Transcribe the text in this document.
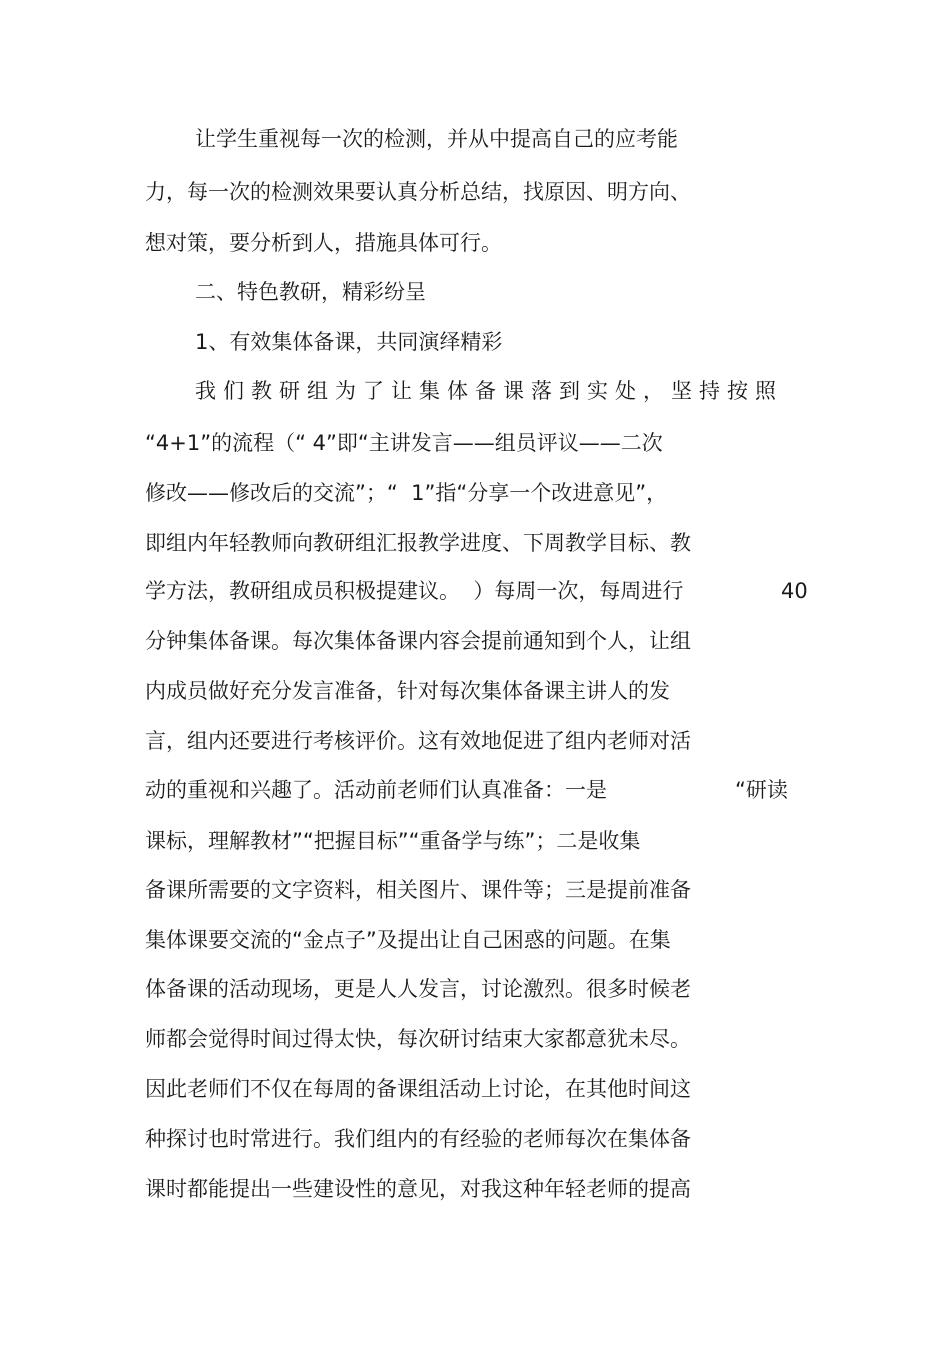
让学生重视每一次的检测，并从中提高自己的应考能

力，每一次的检测效果要认真分析总结，找原因、明方向、

想对策，要分析到人，措施具体可行。

二、特色教研，精彩纷呈

1、有效集体备课，共同演绎精彩

我们教研组为了让集体备课落到实处，坚持按照

“4+1”的流程（“ 4”即“主讲发言——组员评议——二次

修改——修改后的交流”；“  1”指“分享一个改进意见”，

即组内年轻教师向教研组汇报教学进度、下周教学目标、教

学方法，教研组成员积极提建议。  ）每周一次，每周进行	40

分钟集体备课。每次集体备课内容会提前通知到个人，让组

内成员做好充分发言准备，针对每次集体备课主讲人的发

言，组内还要进行考核评价。这有效地促进了组内老师对活

动的重视和兴趣了。活动前老师们认真准备：一是	“研读

课标，理解教材”“把握目标”“重备学与练”；二是收集

备课所需要的文字资料，相关图片、课件等；三是提前准备

集体课要交流的“金点子”及提出让自己困惑的问题。在集

体备课的活动现场，更是人人发言，讨论激烈。很多时候老

师都会觉得时间过得太快，每次研讨结束大家都意犹未尽。

因此老师们不仅在每周的备课组活动上讨论，在其他时间这

种探讨也时常进行。我们组内的有经验的老师每次在集体备

课时都能提出一些建设性的意见，对我这种年轻老师的提高
